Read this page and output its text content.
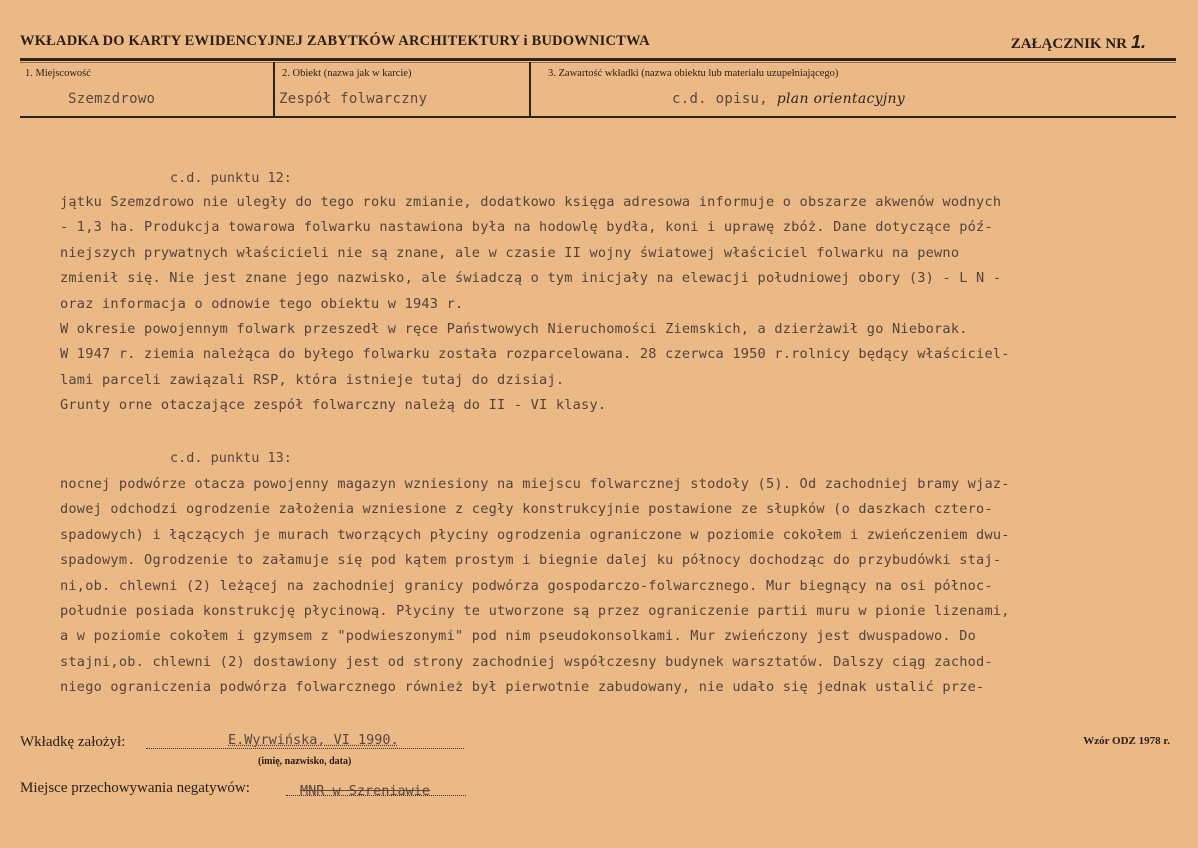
WKŁADKA DO KARTY EWIDENCYJNEJ ZABYTKÓW ARCHITEKTURY i BUDOWNICTWA	ZAŁĄCZNIK NR 1.
1. Miejscowość
Szemzdrowo
2. Obiekt (nazwa jak w karcie)
Zespół folwarczny
3. Zawartość wkładki (nazwa obiektu lub materiału uzupełniającego)
c.d. opisu, plan orientacyjny
c.d. punktu 12:
jątku Szemzdrowo nie uległy do tego roku zmianie, dodatkowo księga adresowa informuje o obszarze akwenów wodnych
- 1,3 ha. Produkcja towarowa folwarku nastawiona była na hodowlę bydła, koni i uprawę zbóż. Dane dotyczące póź-
niejszych prywatnych właścicieli nie są znane, ale w czasie II wojny światowej właściciel folwarku na pewno
zmienił się. Nie jest znane jego nazwisko, ale świadczą o tym inicjały na elewacji południowej obory (3) - L N -
oraz informacja o odnowie tego obiektu w 1943 r.
W okresie powojennym folwark przeszedł w ręce Państwowych Nieruchomości Ziemskich, a dzierżawił go Nieborak.
W 1947 r. ziemia należąca do byłego folwarku została rozparcelowana. 28 czerwca 1950 r.rolnicy będący właściciel-
lami parceli zawiązali RSP, która istnieje tutaj do dzisiaj.
Grunty orne otaczające zespół folwarczny należą do II - VI klasy.
c.d. punktu 13:
nocnej podwórze otacza powojenny magazyn wzniesiony na miejscu folwarcznej stodoły (5). Od zachodniej bramy wjaz-
dowej odchodzi ogrodzenie założenia wzniesione z cegły konstrukcyjnie postawione ze słupków (o daszkach cztero-
spadowych) i łączących je murach tworzących płyciny ogrodzenia ograniczone w poziomie cokołem i zwieńczeniem dwu-
spadowym. Ogrodzenie to załamuje się pod kątem prostym i biegnie dalej ku północy dochodząc do przybudówki staj-
ni,ob. chlewni (2) leżącej na zachodniej granicy podwórza gospodarczo-folwarcznego. Mur biegnący na osi północ-
południe posiada konstrukcję płycinową. Płyciny te utworzone są przez ograniczenie partii muru w pionie lizenami,
a w poziomie cokołem i gzymsem z "podwieszonymi" pod nim pseudokonsolkami. Mur zwieńczony jest dwuspadowo. Do
stajni,ob. chlewni (2) dostawiony jest od strony zachodniej współczesny budynek warsztatów. Dalszy ciąg zachod-
niego ograniczenia podwórza folwarcznego również był pierwotnie zabudowany, nie udało się jednak ustalić prze-
Wkładkę założył:	E.Wyrwińska, VI 1990.
(imię, nazwisko, data)
Wzór ODZ 1978 r.
Miejsce przechowywania negatywów:	MNR w Szreniawie
